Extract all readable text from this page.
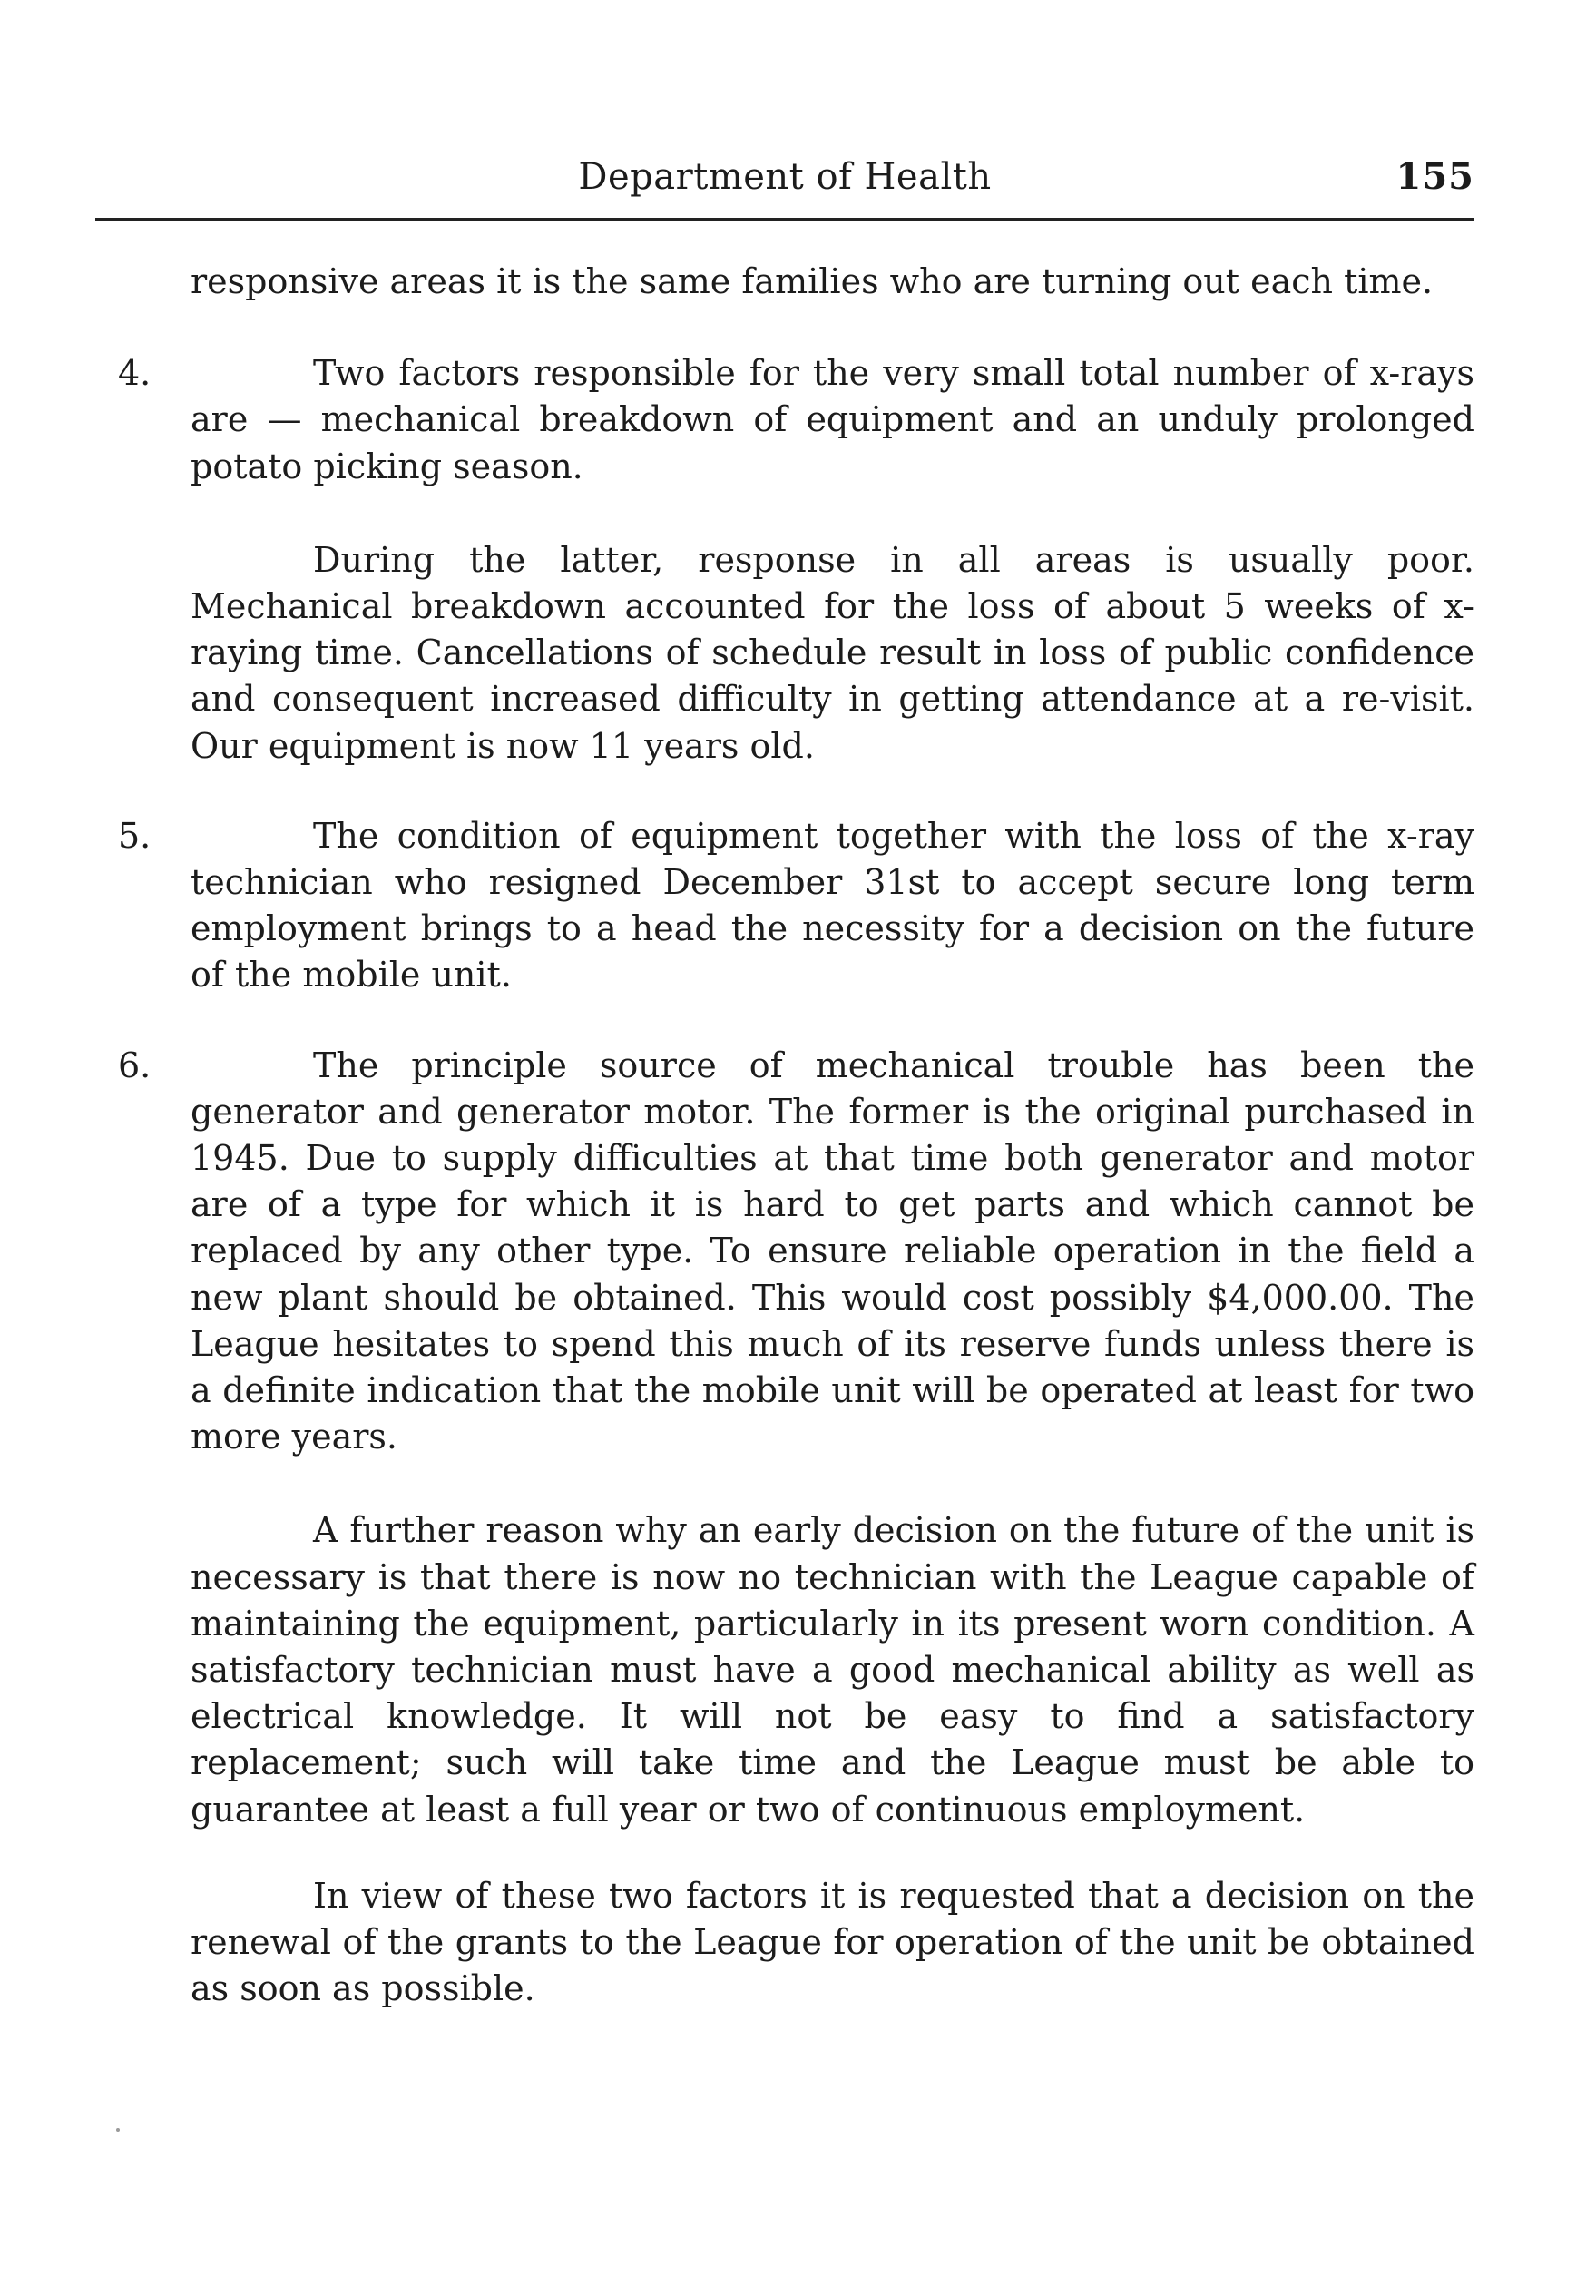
Department of Health	155

responsive areas it is the same families who are turning out each time.

4.	Two factors responsible for the very small total number of x-rays are — mechanical breakdown of equipment and an unduly prolonged potato picking season.

During the latter, response in all areas is usually poor. Mechanical breakdown accounted for the loss of about 5 weeks of x-raying time. Cancellations of schedule result in loss of public confidence and consequent increased difficulty in getting attendance at a re-visit. Our equipment is now 11 years old.

5.	The condition of equipment together with the loss of the x-ray technician who resigned December 31st to accept secure long term employment brings to a head the necessity for a decision on the future of the mobile unit.

6.	The principle source of mechanical trouble has been the generator and generator motor. The former is the original purchased in 1945. Due to supply difficulties at that time both generator and motor are of a type for which it is hard to get parts and which cannot be replaced by any other type. To ensure reliable operation in the field a new plant should be obtained. This would cost possibly $4,000.00. The League hesitates to spend this much of its reserve funds unless there is a definite indication that the mobile unit will be operated at least for two more years.

A further reason why an early decision on the future of the unit is necessary is that there is now no technician with the League capable of maintaining the equipment, particularly in its present worn condition. A satisfactory technician must have a good mechanical ability as well as electrical knowledge. It will not be easy to find a satisfactory replacement; such will take time and the League must be able to guarantee at least a full year or two of continuous employment.

In view of these two factors it is requested that a decision on the renewal of the grants to the League for operation of the unit be obtained as soon as possible.
